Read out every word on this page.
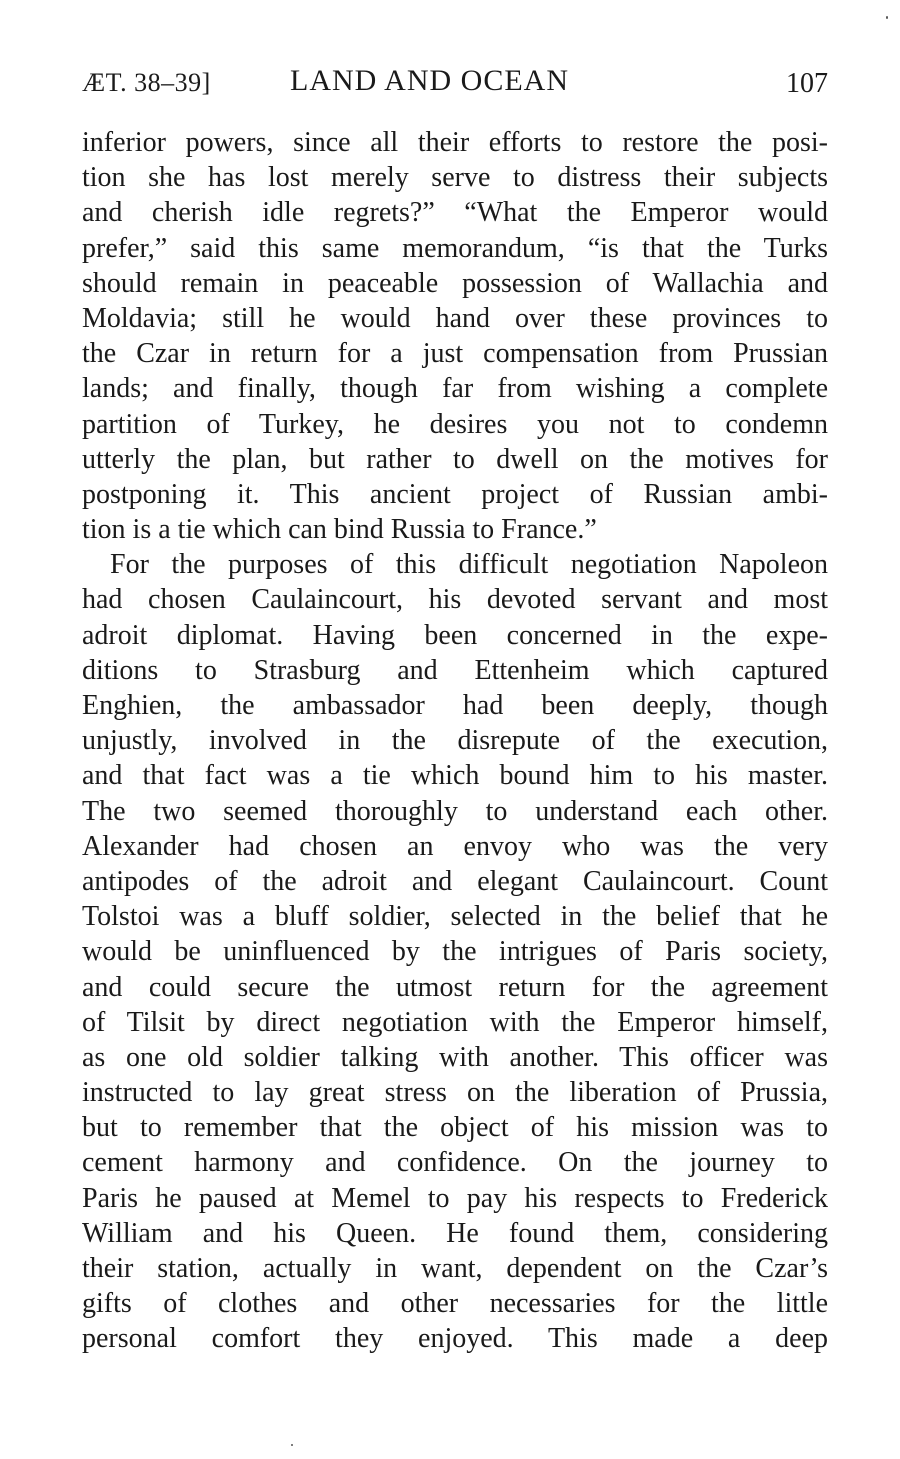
ÆT. 38–39]	LAND AND OCEAN	107
inferior powers, since all their efforts to restore the posi-
tion she has lost merely serve to distress their subjects
and cherish idle regrets?” “What the Emperor would
prefer,” said this same memorandum, “is that the Turks
should remain in peaceable possession of Wallachia and
Moldavia; still he would hand over these provinces to
the Czar in return for a just compensation from Prussian
lands; and finally, though far from wishing a complete
partition of Turkey, he desires you not to condemn
utterly the plan, but rather to dwell on the motives for
postponing it. This ancient project of Russian ambi-
tion is a tie which can bind Russia to France.”
For the purposes of this difficult negotiation Napoleon
had chosen Caulaincourt, his devoted servant and most
adroit diplomat. Having been concerned in the expe-
ditions to Strasburg and Ettenheim which captured
Enghien, the ambassador had been deeply, though
unjustly, involved in the disrepute of the execution,
and that fact was a tie which bound him to his master.
The two seemed thoroughly to understand each other.
Alexander had chosen an envoy who was the very
antipodes of the adroit and elegant Caulaincourt. Count
Tolstoi was a bluff soldier, selected in the belief that he
would be uninfluenced by the intrigues of Paris society,
and could secure the utmost return for the agreement
of Tilsit by direct negotiation with the Emperor himself,
as one old soldier talking with another. This officer was
instructed to lay great stress on the liberation of Prussia,
but to remember that the object of his mission was to
cement harmony and confidence. On the journey to
Paris he paused at Memel to pay his respects to Frederick
William and his Queen. He found them, considering
their station, actually in want, dependent on the Czar’s
gifts of clothes and other necessaries for the little
personal comfort they enjoyed. This made a deep
